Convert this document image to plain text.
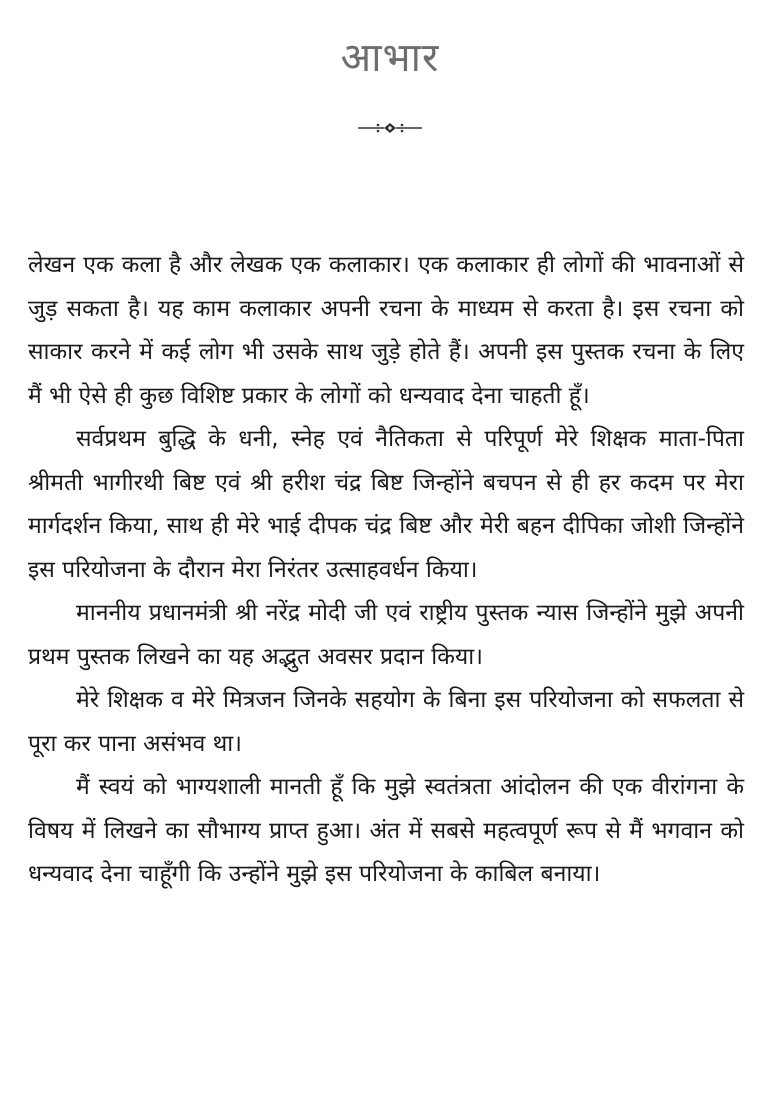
आभार

लेखन एक कला है और लेखक एक कलाकार। एक कलाकार ही लोगों की भावनाओं से जुड़ सकता है। यह काम कलाकार अपनी रचना के माध्यम से करता है। इस रचना को साकार करने में कई लोग भी उसके साथ जुड़े होते हैं। अपनी इस पुस्तक रचना के लिए मैं भी ऐसे ही कुछ विशिष्ट प्रकार के लोगों को धन्यवाद देना चाहती हूँ।

सर्वप्रथम बुद्धि के धनी, स्नेह एवं नैतिकता से परिपूर्ण मेरे शिक्षक माता-पिता श्रीमती भागीरथी बिष्ट एवं श्री हरीश चंद्र बिष्ट जिन्होंने बचपन से ही हर कदम पर मेरा मार्गदर्शन किया, साथ ही मेरे भाई दीपक चंद्र बिष्ट और मेरी बहन दीपिका जोशी जिन्होंने इस परियोजना के दौरान मेरा निरंतर उत्साहवर्धन किया।

माननीय प्रधानमंत्री श्री नरेंद्र मोदी जी एवं राष्ट्रीय पुस्तक न्यास जिन्होंने मुझे अपनी प्रथम पुस्तक लिखने का यह अद्भुत अवसर प्रदान किया।

मेरे शिक्षक व मेरे मित्रजन जिनके सहयोग के बिना इस परियोजना को सफलता से पूरा कर पाना असंभव था।

मैं स्वयं को भाग्यशाली मानती हूँ कि मुझे स्वतंत्रता आंदोलन की एक वीरांगना के विषय में लिखने का सौभाग्य प्राप्त हुआ। अंत में सबसे महत्वपूर्ण रूप से मैं भगवान को धन्यवाद देना चाहूँगी कि उन्होंने मुझे इस परियोजना के काबिल बनाया।
